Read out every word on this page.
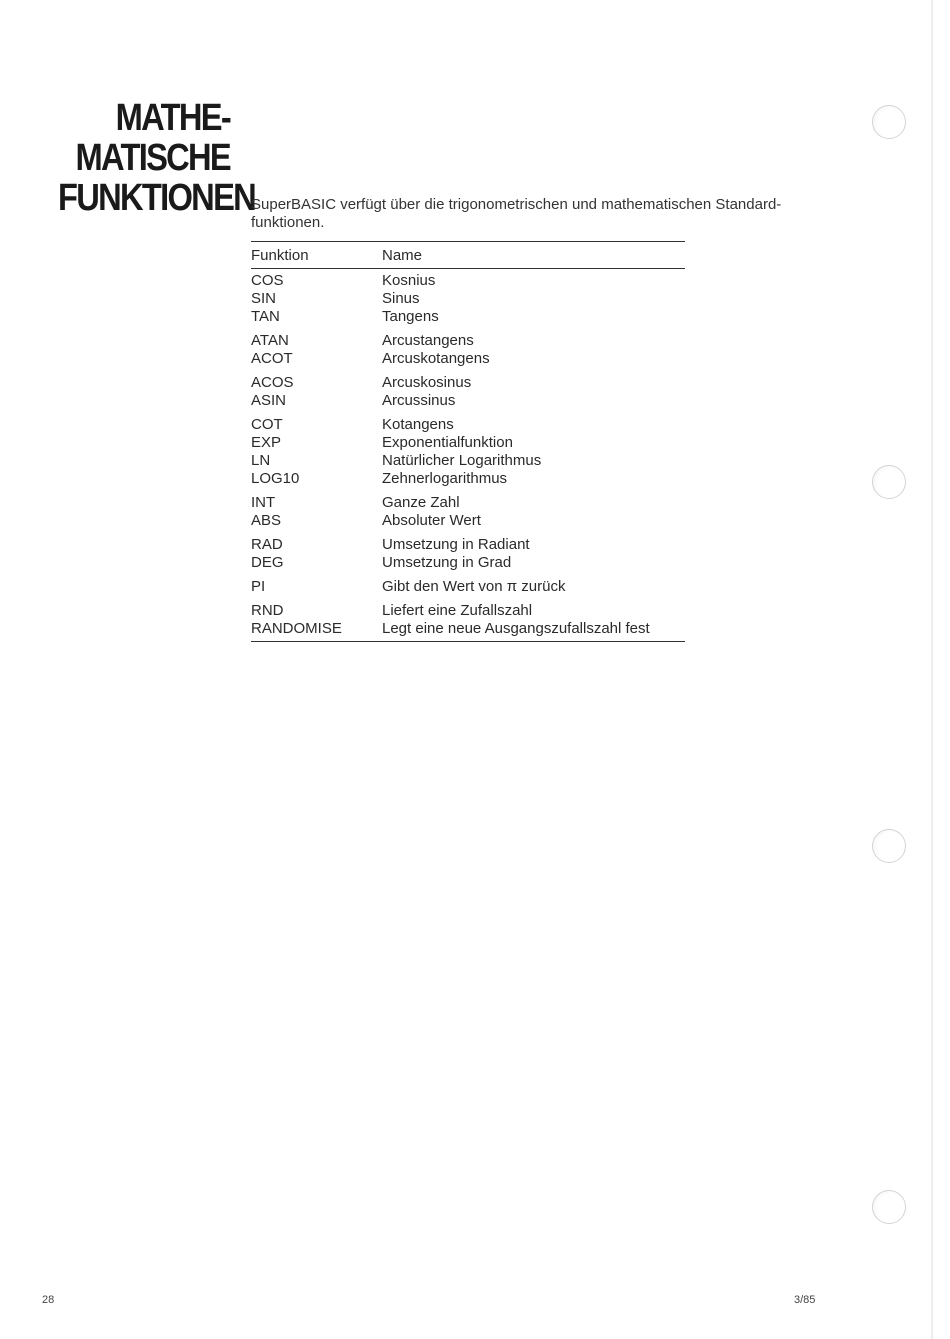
MATHE-
MATISCHE
FUNKTIONEN
SuperBASIC verfügt über die trigonometrischen und mathematischen Standard-funktionen.
Funktion	Name
COS	Kosnius
SIN	Sinus
TAN	Tangens
ATAN	Arcustangens
ACOT	Arcuskotangens
ACOS	Arcuskosinus
ASIN	Arcussinus
COT	Kotangens
EXP	Exponentialfunktion
LN	Natürlicher Logarithmus
LOG10	Zehnerlogarithmus
INT	Ganze Zahl
ABS	Absoluter Wert
RAD	Umsetzung in Radiant
DEG	Umsetzung in Grad
PI	Gibt den Wert von π zurück
RND	Liefert eine Zufallszahl
RANDOMISE	Legt eine neue Ausgangszufallszahl fest
28	3/85
